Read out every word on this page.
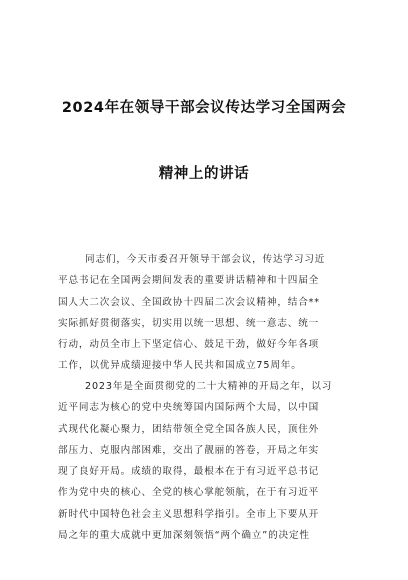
2024年在领导干部会议传达学习全国两会
精神上的讲话
同志们，今天市委召开领导干部会议，传达学习习近
平总书记在全国两会期间发表的重要讲话精神和十四届全
国人大二次会议、全国政协十四届二次会议精神，结合**
实际抓好贯彻落实，切实用以统一思想、统一意志、统一
行动，动员全市上下坚定信心、鼓足干劲，做好今年各项
工作，以优异成绩迎接中华人民共和国成立75周年。
2023年是全面贯彻党的二十大精神的开局之年，以习
近平同志为核心的党中央统筹国内国际两个大局，以中国
式现代化凝心聚力，团结带领全党全国各族人民，顶住外
部压力、克服内部困难，交出了靓丽的答卷，开局之年实
现了良好开局。成绩的取得，最根本在于有习近平总书记
作为党中央的核心、全党的核心掌舵领航，在于有习近平
新时代中国特色社会主义思想科学指引。全市上下要从开
局之年的重大成就中更加深刻领悟“两个确立”的决定性
